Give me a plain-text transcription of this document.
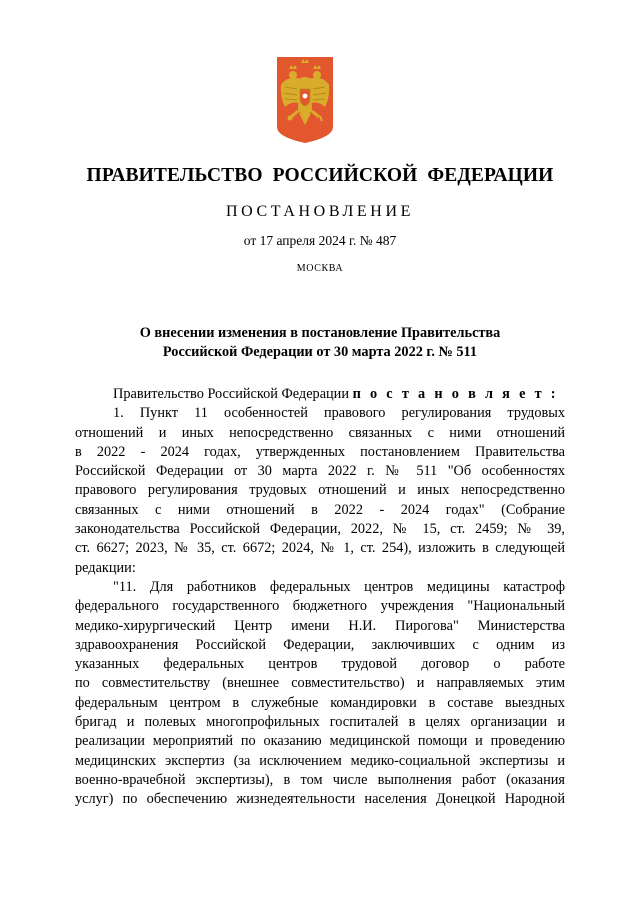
ПРАВИТЕЛЬСТВО РОССИЙСКОЙ ФЕДЕРАЦИИ
ПОСТАНОВЛЕНИЕ
от 17 апреля 2024 г. № 487
МОСКВА
О внесении изменения в постановление Правительства
Российской Федерации от 30 марта 2022 г. № 511
Правительство Российской Федерации п о с т а н о в л я е т :
1. Пункт 11 особенностей правового регулирования трудовых
отношений и иных непосредственно связанных с ними отношений
в 2022 - 2024 годах, утвержденных постановлением Правительства
Российской Федерации от 30 марта 2022 г. № 511 "Об особенностях
правового регулирования трудовых отношений и иных непосредственно
связанных с ними отношений в 2022 - 2024 годах" (Собрание
законодательства Российской Федерации, 2022, № 15, ст. 2459; № 39,
ст. 6627; 2023, № 35, ст. 6672; 2024, № 1, ст. 254), изложить в следующей
редакции:
"11. Для работников федеральных центров медицины катастроф
федерального государственного бюджетного учреждения "Национальный
медико-хирургический Центр имени Н.И. Пирогова" Министерства
здравоохранения Российской Федерации, заключивших с одним из
указанных федеральных центров трудовой договор о работе
по совместительству (внешнее совместительство) и направляемых этим
федеральным центром в служебные командировки в составе выездных
бригад и полевых многопрофильных госпиталей в целях организации и
реализации мероприятий по оказанию медицинской помощи и проведению
медицинских экспертиз (за исключением медико-социальной экспертизы и
военно-врачебной экспертизы), в том числе выполнения работ (оказания
услуг) по обеспечению жизнедеятельности населения Донецкой Народной
